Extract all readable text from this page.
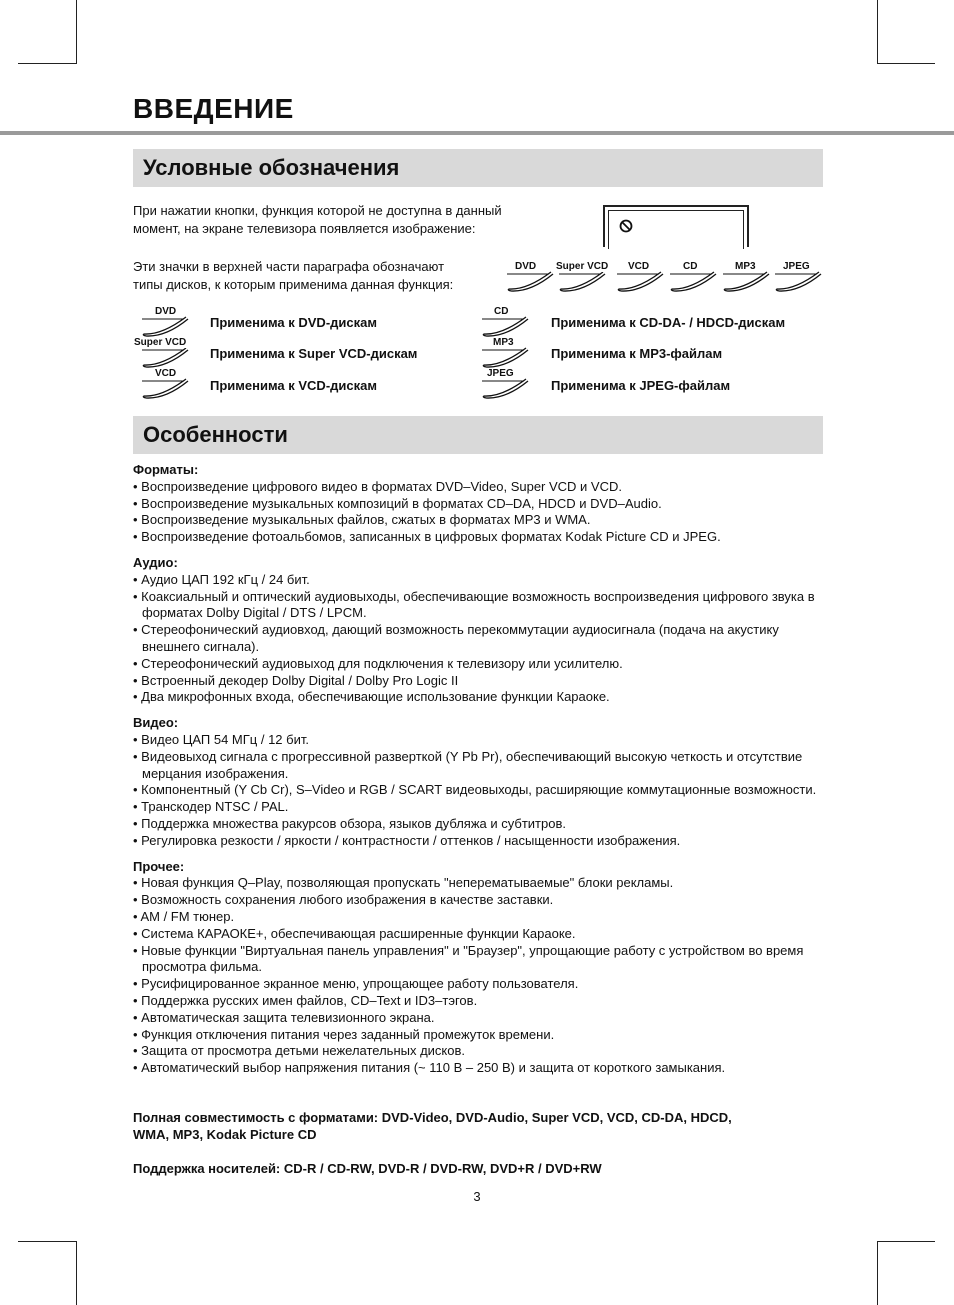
ВВЕДЕНИЕ
Условные обозначения

При нажатии кнопки, функция которой не доступна в данный
момент, на экране телевизора появляется изображение:

Эти значки в верхней части параграфа обозначают
типы дисков, к которым применима данная функция:

DVD Super VCD VCD	CD	MP3	JPEG
DVD
Применима к DVD-дискам
Super VCD
Применима к Super VCD-дискам
VCD
Применима к VCD-дискам
CD
Применима к CD-DA- / HDCD-дискам
MP3
Применима к MP3-файлам
JPEG
Применима к JPEG-файлам
Особенности
Форматы:
• Воспроизведение цифрового видео в форматах DVD–Video, Super VCD и VCD.
• Воспроизведение музыкальных композиций в форматах CD–DA, HDCD и DVD–Audio.
• Воспроизведение музыкальных файлов, сжатых в форматах MP3 и WMA.
• Воспроизведение фотоальбомов, записанных в цифровых форматах Kodak Picture CD и JPEG.
Аудио:
• Аудио ЦАП 192 кГц / 24 бит.
• Коаксиальный и оптический аудиовыходы, обеспечивающие возможность воспроизведения цифрового звука в форматах Dolby Digital / DTS / LPCM.
• Стереофонический аудиовход, дающий возможность перекоммутации аудиосигнала (подача на акустику внешнего сигнала).
• Стереофонический аудиовыход для подключения к телевизору или усилителю.
• Встроенный декодер Dolby Digital / Dolby Pro Logic II
• Два микрофонных входа, обеспечивающие использование функции Караоке.
Видео:
• Видео ЦАП 54 МГц / 12 бит.
• Видеовыход сигнала с прогрессивной разверткой (Y Pb Pr), обеспечивающий высокую четкость и отсутствие мерцания изображения.
• Компонентный (Y Cb Cr), S–Video и RGB / SCART видеовыходы, расширяющие коммутационные возможности.
• Транскодер NTSC / PAL.
• Поддержка множества ракурсов обзора, языков дубляжа и субтитров.
• Регулировка резкости / яркости / контрастности / оттенков / насыщенности изображения.
Прочее:
• Новая функция Q–Play, позволяющая пропускать "неперематываемые" блоки рекламы.
• Возможность сохранения любого изображения в качестве заставки.
• AM / FM тюнер.
• Система КАРАОКЕ+, обеспечивающая расширенные функции Караоке.
• Новые функции "Виртуальная панель управления" и "Браузер", упрощающие работу с устройством во время просмотра фильма.
• Русифицированное экранное меню, упрощающее работу пользователя.
• Поддержка русских имен файлов, CD–Text и ID3–тэгов.
• Автоматическая защита телевизионного экрана.
• Функция отключения питания через заданный промежуток времени.
• Защита от просмотра детьми нежелательных дисков.
• Автоматический выбор напряжения питания (~ 110 В – 250 В) и защита от короткого замыкания.

Полная совместимость с форматами: DVD-Video, DVD-Audio, Super VCD, VCD, CD-DA, HDCD,
WMA, MP3, Kodak Picture CD

Поддержка носителей: CD-R / CD-RW, DVD-R / DVD-RW, DVD+R / DVD+RW

3
